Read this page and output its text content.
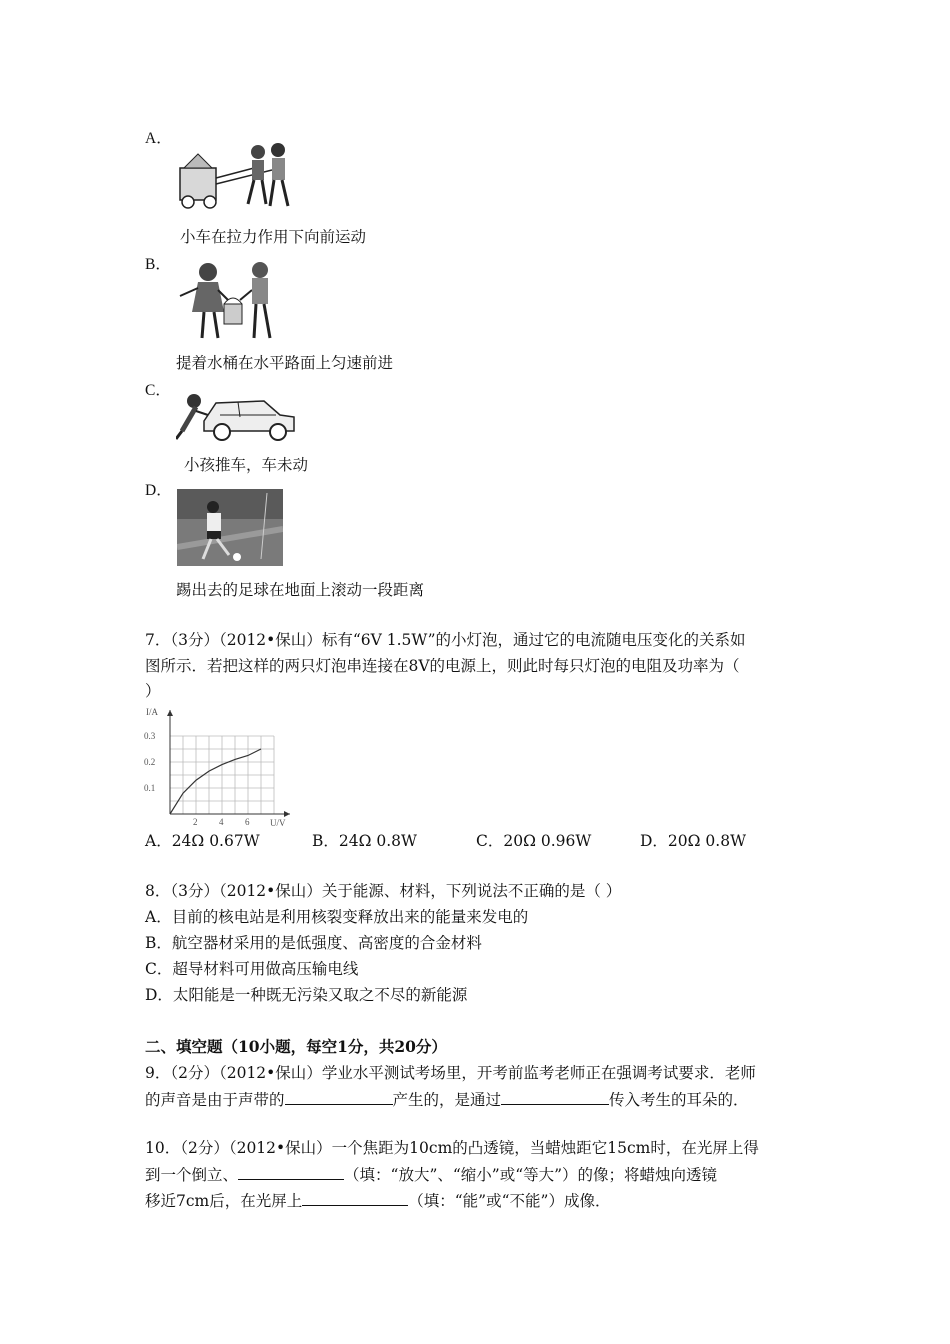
A．
小车在拉力作用下向前运动
B．
提着水桶在水平路面上匀速前进
C．
小孩推车，车未动
D．
踢出去的足球在地面上滚动一段距离
7．（3分）（2012•保山）标有“6V 1.5W”的小灯泡，通过它的电流随电压变化的关系如
图所示．若把这样的两只灯泡串连接在8V的电源上，则此时每只灯泡的电阻及功率为（
）
I/A
U/V
2 4 6
0.1
0.2
0.3
A．24Ω 0.67W	B．24Ω 0.8W	C．20Ω 0.96W	D．20Ω 0.8W
8．（3分）（2012•保山）关于能源、材料，下列说法不正确的是（ ）
A．目前的核电站是利用核裂变释放出来的能量来发电的
B．航空器材采用的是低强度、高密度的合金材料
C．超导材料可用做高压输电线
D．太阳能是一种既无污染又取之不尽的新能源
二、填空题（10小题，每空1分，共20分）
9．（2分）（2012•保山）学业水平测试考场里，开考前监考老师正在强调考试要求．老师
的声音是由于声带的	产生的，是通过	传入考生的耳朵的．
10．（2分）（2012•保山）一个焦距为10cm的凸透镜，当蜡烛距它15cm时，在光屏上得
到一个倒立、	（填：“放大”、“缩小”或“等大”）的像；将蜡烛向透镜
移近7cm后，在光屏上	（填：“能”或“不能”）成像．
